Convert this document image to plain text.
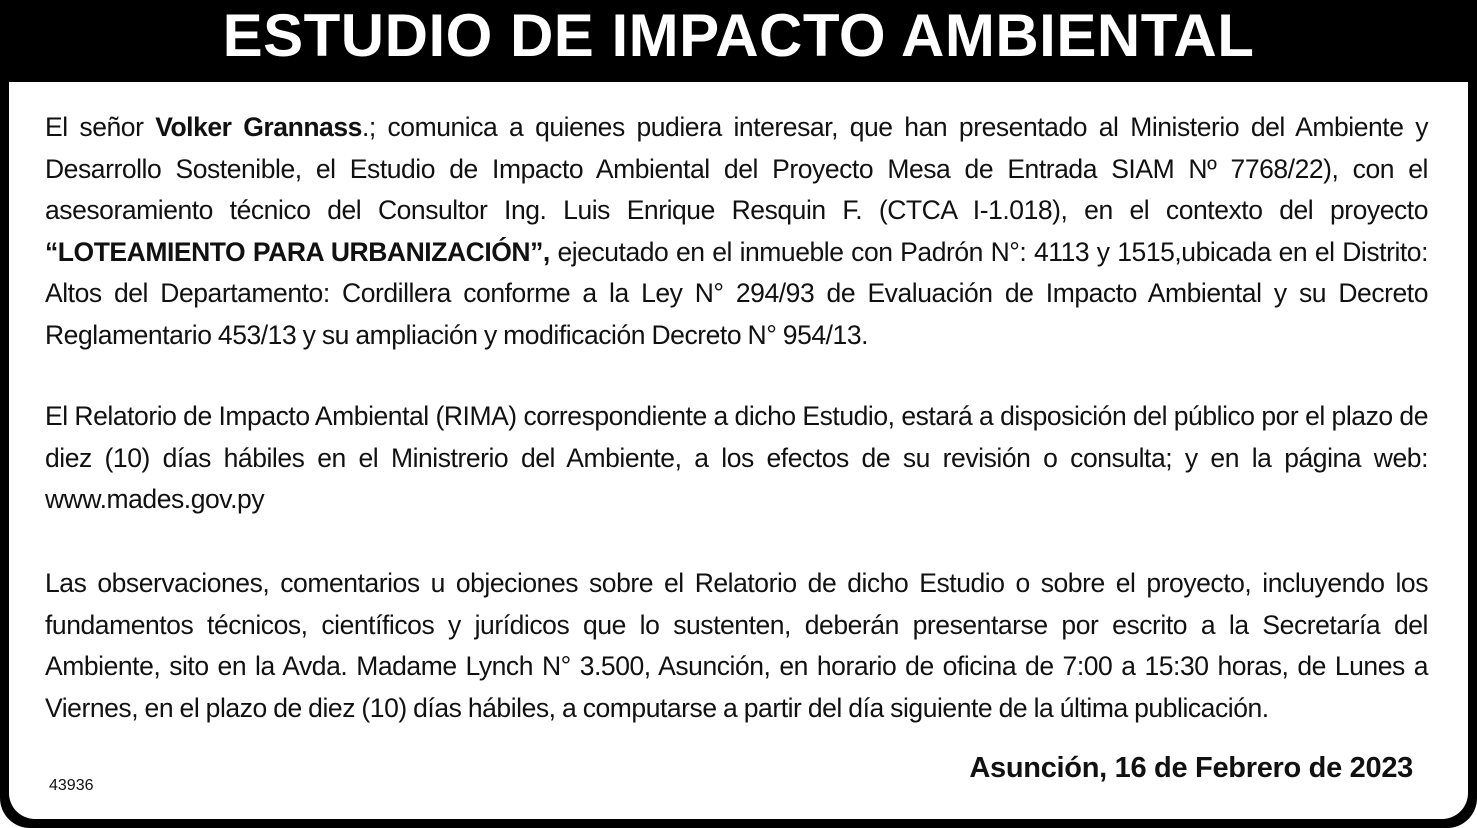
ESTUDIO DE IMPACTO AMBIENTAL

El señor Volker Grannass.; comunica a quienes pudiera interesar, que han presentado al Ministerio del Ambiente y Desarrollo Sostenible, el Estudio de Impacto Ambiental del Proyecto Mesa de Entrada SIAM Nº 7768/22), con el asesoramiento técnico del Consultor Ing. Luis Enrique Resquin F. (CTCA I-1.018), en el contexto del proyecto “LOTEAMIENTO PARA URBANIZACIÓN”, ejecutado en el inmueble con Padrón N°: 4113 y 1515,ubicada en el Distrito: Altos del Departamento: Cordillera conforme a la Ley N° 294/93 de Evaluación de Impacto Ambiental y su Decreto Reglamentario 453/13 y su ampliación y modificación Decreto N° 954/13.

El Relatorio de Impacto Ambiental (RIMA) correspondiente a dicho Estudio, estará a disposición del público por el plazo de diez (10) días hábiles en el Ministrerio del Ambiente, a los efectos de su revisión o consulta; y en la página web: www.mades.gov.py

Las observaciones, comentarios u objeciones sobre el Relatorio de dicho Estudio o sobre el proyecto, incluyendo los fundamentos técnicos, científicos y jurídicos que lo sustenten, deberán presentarse por escrito a la Secretaría del Ambiente, sito en la Avda. Madame Lynch N° 3.500, Asunción, en horario de oficina de 7:00 a 15:30 horas, de Lunes a Viernes, en el plazo de diez (10) días hábiles, a computarse a partir del día siguiente de la última publicación.

43936
Asunción, 16 de Febrero de 2023
